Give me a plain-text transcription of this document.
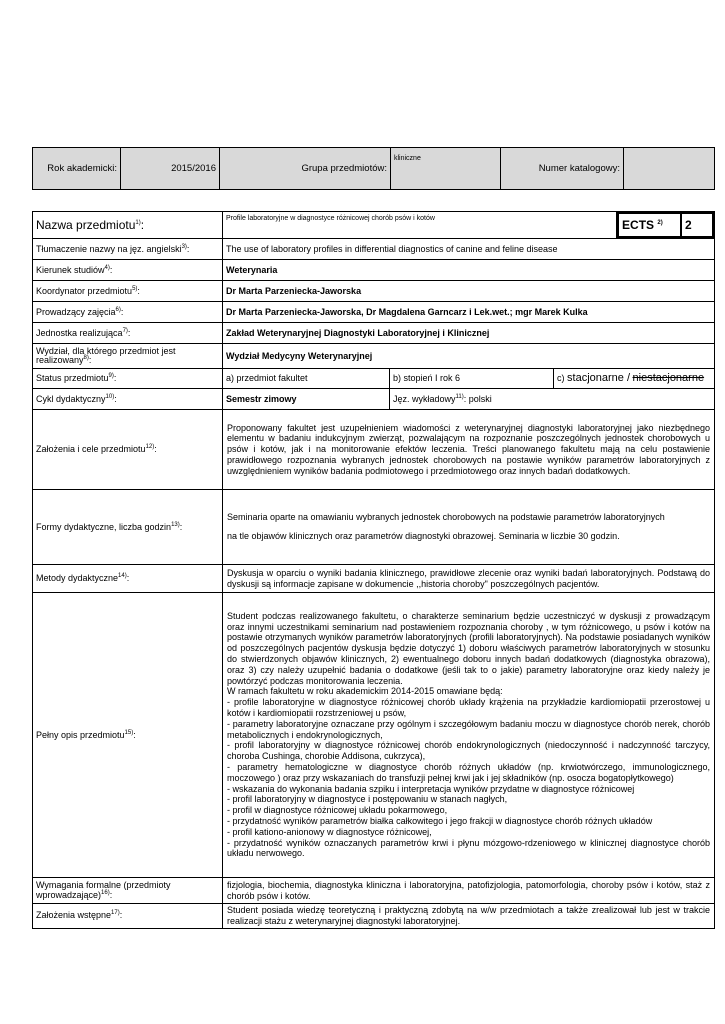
Rok akademicki:	2015/2016	Grupa przedmiotów:	kliniczne	Numer katalogowy:	
Nazwa przedmiotu$^{1)}$:	Profile laboratoryjne w diagnostyce różnicowej chorób psów i kotów		ECTS $^{2)}$	2

Tłumaczenie nazwy na jęz. angielski$^{3)}$:	The use of laboratory profiles in differential diagnostics of canine and feline disease
Kierunek studiów$^{4)}$:	Weterynaria
Koordynator przedmiotu$^{5)}$:	Dr Marta Parzeniecka-Jaworska
Prowadzący zajęcia$^{6)}$:	Dr Marta Parzeniecka-Jaworska, Dr Magdalena Garncarz i Lek.wet.; mgr Marek Kulka
Jednostka realizująca$^{7)}$:	Zakład Weterynaryjnej Diagnostyki Laboratoryjnej i Klinicznej
Wydział, dla którego przedmiot jest realizowany$^{8)}$:	Wydział Medycyny Weterynaryjnej
Status przedmiotu$^{9)}$:	a) przedmiot fakultet	b) stopień I rok 6	c) stacjonarne / niestacjonarne
Cykl dydaktyczny$^{10)}$:	Semestr zimowy	Jęz. wykładowy$^{11)}$: polski
Założenia i cele przedmiotu$^{12)}$:	Proponowany fakultet jest uzupełnieniem wiadomości z weterynaryjnej diagnostyki laboratoryjnej jako niezbędnego elementu w badaniu indukcyjnym zwierząt, pozwalającym na rozpoznanie poszczególnych jednostek chorobowych u psów i kotów, jak i na monitorowanie efektów leczenia. Treści planowanego fakultetu mają na celu postawienie prawidłowego rozpoznania wybranych jednostek chorobowych na postawie wyników parametrów laboratoryjnych z uwzględnieniem wyników badania podmiotowego i przedmiotowego oraz innych badań dodatkowych.
Formy dydaktyczne, liczba godzin$^{13)}$:	
Seminaria oparte na omawianiu wybranych jednostek chorobowych na podstawie parametrów laboratoryjnych
na tle objawów klinicznych oraz parametrów diagnostyki obrazowej. Seminaria w liczbie 30 godzin.

Metody dydaktyczne$^{14)}$:	Dyskusja w oparciu o wyniki badania klinicznego, prawidłowe zlecenie oraz wyniki badań laboratoryjnych. Podstawą do dyskusji są informacje zapisane w dokumencie ,,historia choroby" poszczególnych pacjentów.
Pełny opis przedmiotu$^{15)}$:	
Student podczas realizowanego fakultetu, o charakterze seminarium będzie uczestniczyć w dyskusji z prowadzącym oraz innymi uczestnikami seminarium nad postawieniem rozpoznania choroby , w tym różnicowego, u psów i kotów na postawie otrzymanych wyników parametrów laboratoryjnych (profili laboratoryjnych). Na podstawie posiadanych wyników od poszczególnych pacjentów dyskusja będzie dotyczyć 1) doboru właściwych parametrów laboratoryjnych w stosunku do stwierdzonych objawów klinicznych, 2) ewentualnego doboru innych badań dodatkowych (diagnostyka obrazowa), oraz 3) czy należy uzupełnić badania o dodatkowe (jeśli tak to o jakie) parametry laboratoryjne oraz kiedy należy je powtórzyć podczas monitorowania leczenia.
W ramach fakultetu w roku akademickim 2014-2015 omawiane będą:
- profile laboratoryjne w diagnostyce różnicowej chorób układy krążenia na przykładzie kardiomiopatii przerostowej u kotów i kardiomiopatii rozstrzeniowej u psów,
- parametry laboratoryjne oznaczane przy ogólnym i szczegółowym badaniu moczu w diagnostyce chorób nerek, chorób metabolicznych i endokrynologicznych,
- profil laboratoryjny w diagnostyce różnicowej chorób endokrynologicznych (niedoczynność i nadczynność tarczycy, choroba Cushinga, chorobie Addisona, cukrzyca),
- parametry hematologiczne w diagnostyce chorób różnych układów (np. krwiotwórczego, immunologicznego, moczowego ) oraz przy wskazaniach do transfuzji pełnej krwi jak i jej składników (np. osocza bogatopłytkowego)
- wskazania do wykonania badania szpiku i interpretacja wyników przydatne w diagnostyce różnicowej
- profil laboratoryjny w diagnostyce i postępowaniu w stanach nagłych,
- profil w diagnostyce różnicowej układu pokarmowego,
- przydatność wyników parametrów białka całkowitego i jego frakcji w diagnostyce chorób różnych układów
- profil kationo-anionowy w diagnostyce różnicowej,
- przydatność wyników oznaczanych parametrów krwi i płynu mózgowo-rdzeniowego w klinicznej diagnostyce chorób układu nerwowego.

Wymagania formalne (przedmioty wprowadzające)$^{16)}$:	fizjologia, biochemia, diagnostyka kliniczna i laboratoryjna, patofizjologia, patomorfologia, choroby psów i kotów, staż z chorób psów i kotów.
Założenia wstępne$^{17)}$:	Student posiada wiedzę teoretyczną i praktyczną zdobytą na w/w przedmiotach a także zrealizował lub jest w trakcie realizacji stażu z weterynaryjnej diagnostyki laboratoryjnej.
